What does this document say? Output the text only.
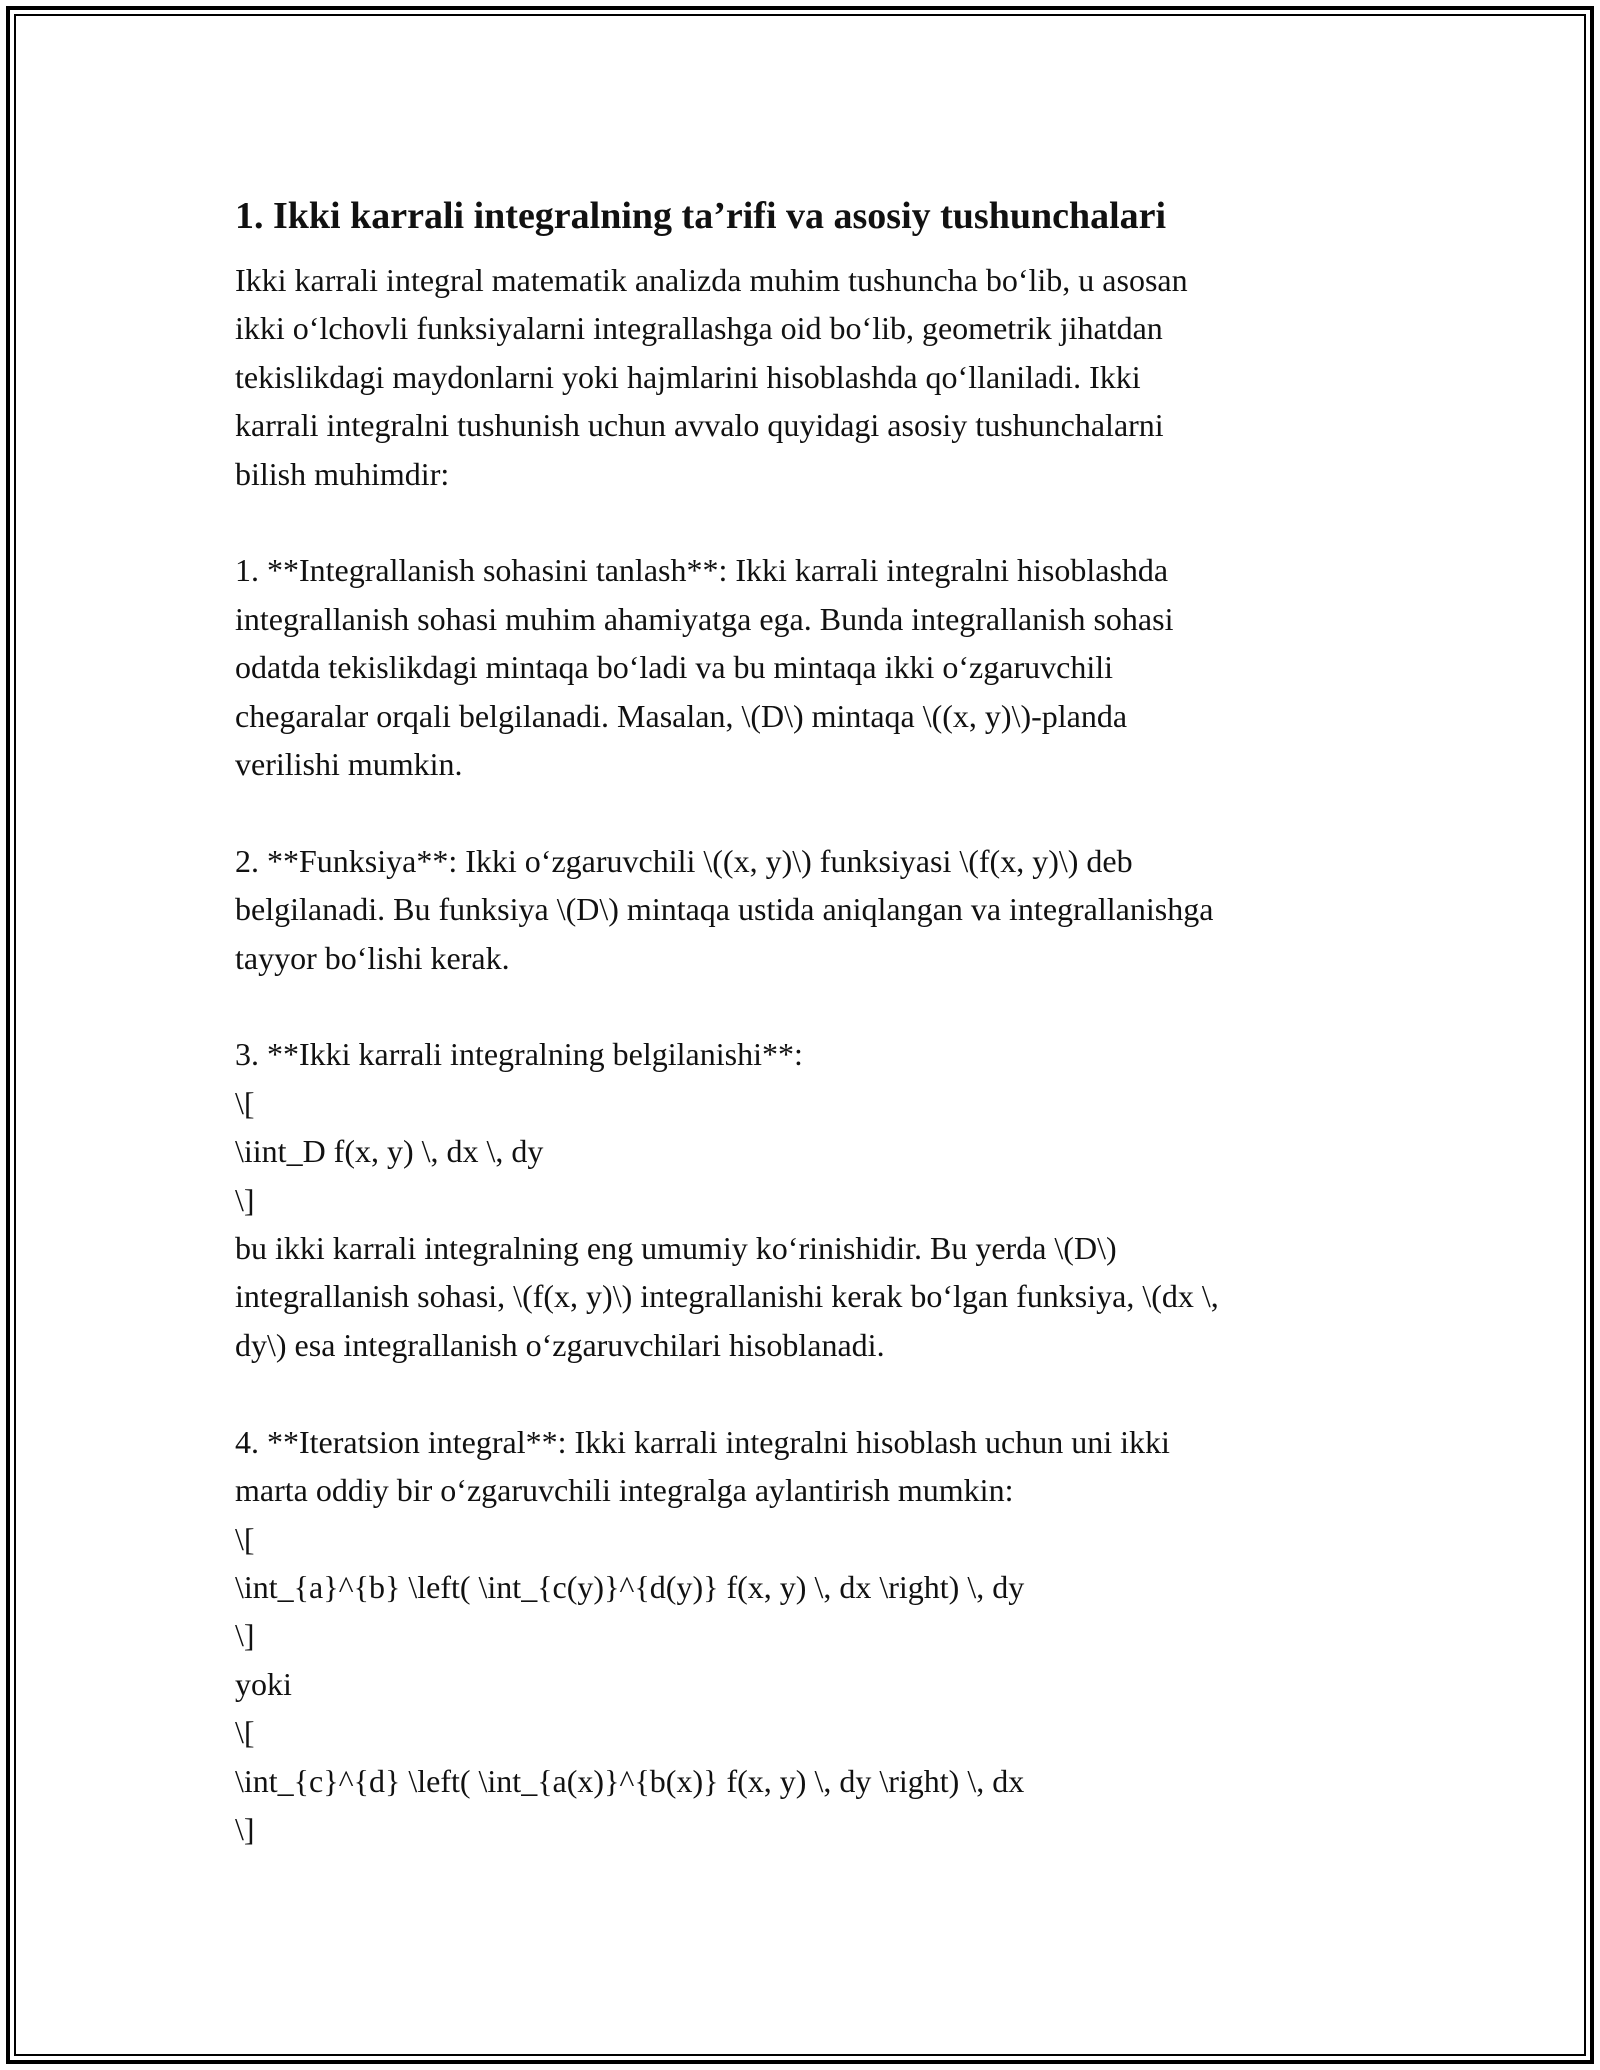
1. Ikki karrali integralning ta’rifi va asosiy tushunchalari
Ikki karrali integral matematik analizda muhim tushuncha bo‘lib, u asosan
ikki o‘lchovli funksiyalarni integrallashga oid bo‘lib, geometrik jihatdan
tekislikdagi maydonlarni yoki hajmlarini hisoblashda qo‘llaniladi. Ikki
karrali integralni tushunish uchun avvalo quyidagi asosiy tushunchalarni
bilish muhimdir:
1. **Integrallanish sohasini tanlash**: Ikki karrali integralni hisoblashda
integrallanish sohasi muhim ahamiyatga ega. Bunda integrallanish sohasi
odatda tekislikdagi mintaqa bo‘ladi va bu mintaqa ikki o‘zgaruvchili
chegaralar orqali belgilanadi. Masalan, \(D\) mintaqa \((x, y)\)-planda
verilishi mumkin.
2. **Funksiya**: Ikki o‘zgaruvchili \((x, y)\) funksiyasi \(f(x, y)\) deb
belgilanadi. Bu funksiya \(D\) mintaqa ustida aniqlangan va integrallanishga
tayyor bo‘lishi kerak.
3. **Ikki karrali integralning belgilanishi**:
\[
\iint_D f(x, y) \, dx \, dy
\]
bu ikki karrali integralning eng umumiy ko‘rinishidir. Bu yerda \(D\)
integrallanish sohasi, \(f(x, y)\) integrallanishi kerak bo‘lgan funksiya, \(dx \,
dy\) esa integrallanish o‘zgaruvchilari hisoblanadi.
4. **Iteratsion integral**: Ikki karrali integralni hisoblash uchun uni ikki
marta oddiy bir o‘zgaruvchili integralga aylantirish mumkin:
\[
\int_{a}^{b} \left( \int_{c(y)}^{d(y)} f(x, y) \, dx \right) \, dy
\]
yoki
\[
\int_{c}^{d} \left( \int_{a(x)}^{b(x)} f(x, y) \, dy \right) \, dx
\]
